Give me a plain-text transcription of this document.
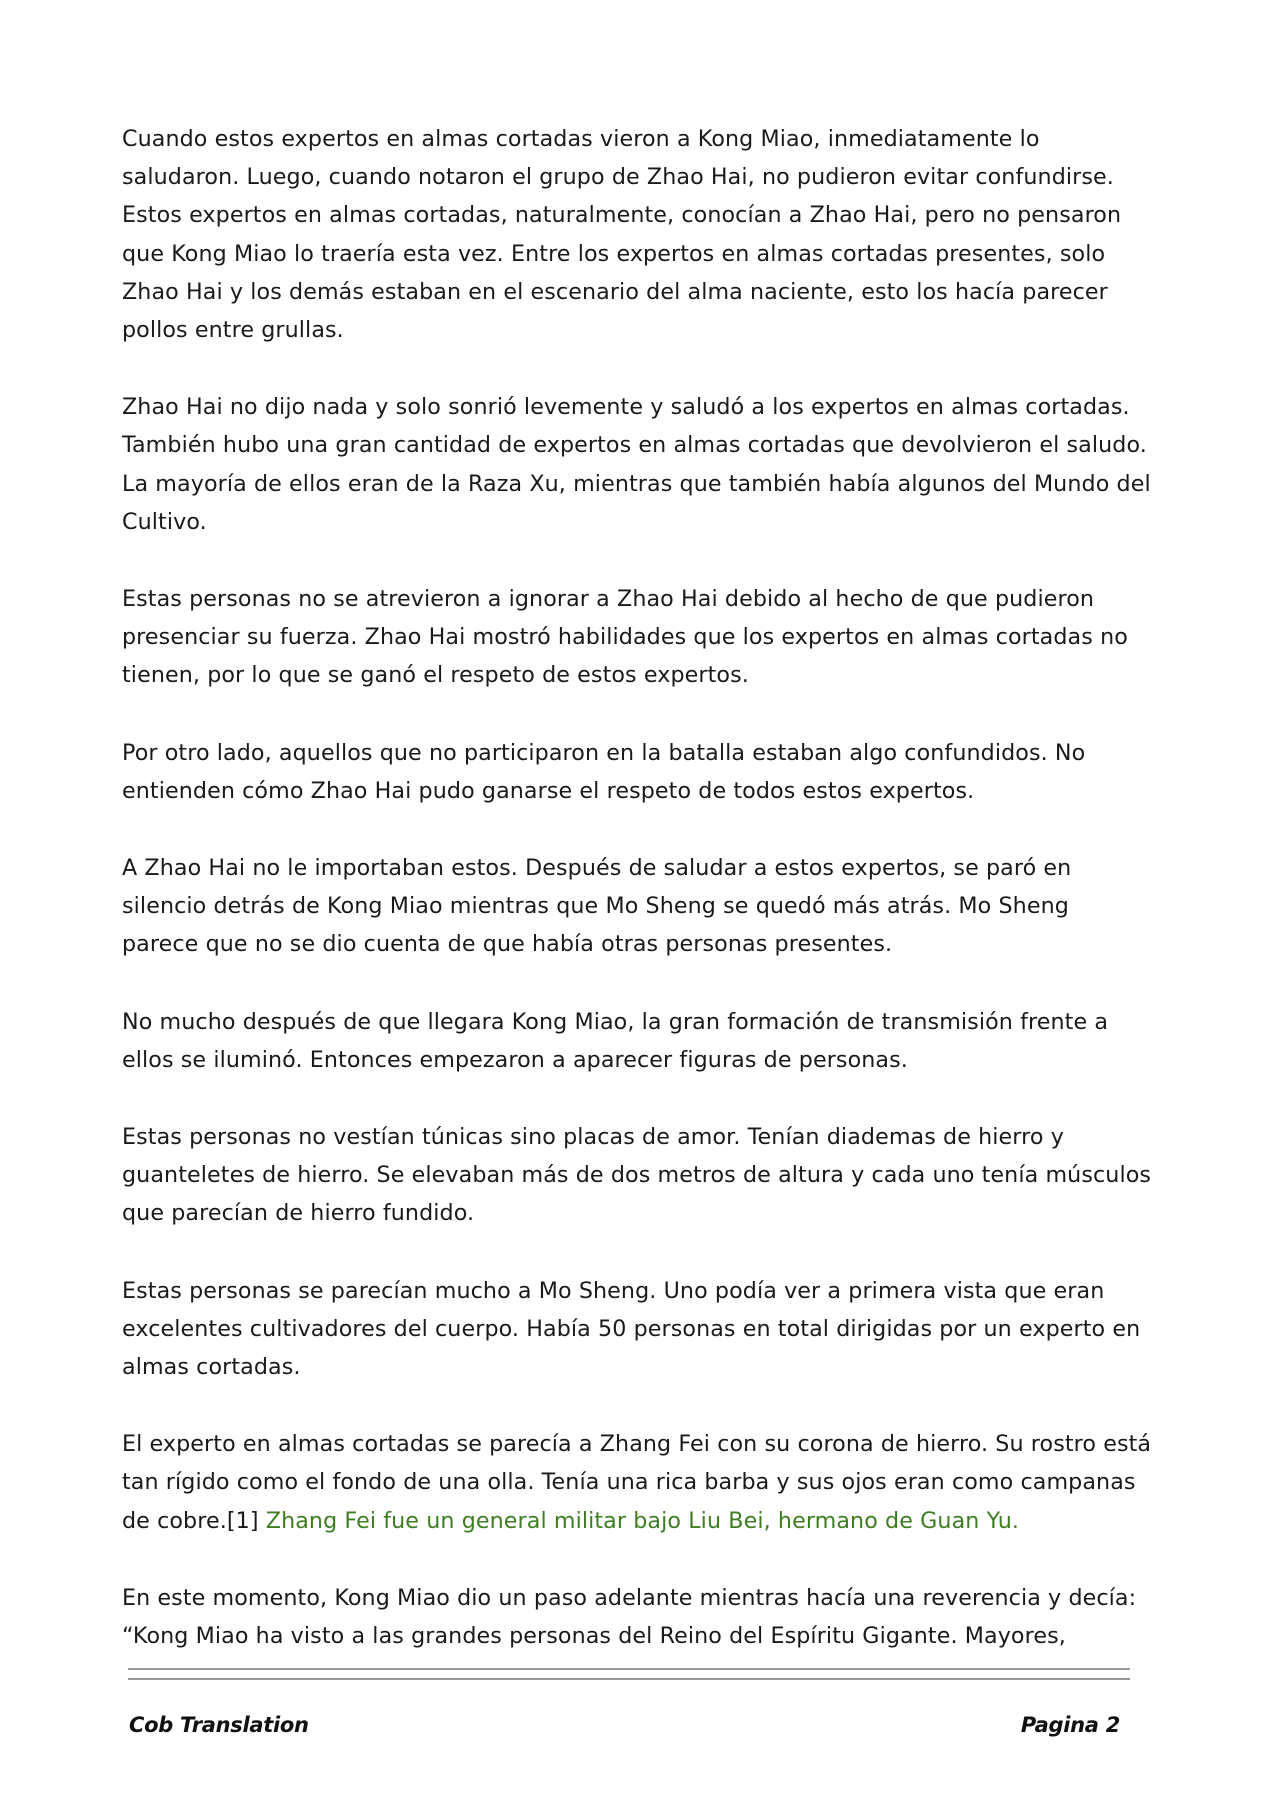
Cuando estos expertos en almas cortadas vieron a Kong Miao, inmediatamente lo saludaron. Luego, cuando notaron el grupo de Zhao Hai, no pudieron evitar confundirse. Estos expertos en almas cortadas, naturalmente, conocían a Zhao Hai, pero no pensaron que Kong Miao lo traería esta vez. Entre los expertos en almas cortadas presentes, solo Zhao Hai y los demás estaban en el escenario del alma naciente, esto los hacía parecer pollos entre grullas.

Zhao Hai no dijo nada y solo sonrió levemente y saludó a los expertos en almas cortadas. También hubo una gran cantidad de expertos en almas cortadas que devolvieron el saludo. La mayoría de ellos eran de la Raza Xu, mientras que también había algunos del Mundo del Cultivo.

Estas personas no se atrevieron a ignorar a Zhao Hai debido al hecho de que pudieron presenciar su fuerza. Zhao Hai mostró habilidades que los expertos en almas cortadas no tienen, por lo que se ganó el respeto de estos expertos.

Por otro lado, aquellos que no participaron en la batalla estaban algo confundidos. No entienden cómo Zhao Hai pudo ganarse el respeto de todos estos expertos.

A Zhao Hai no le importaban estos. Después de saludar a estos expertos, se paró en silencio detrás de Kong Miao mientras que Mo Sheng se quedó más atrás. Mo Sheng parece que no se dio cuenta de que había otras personas presentes.

No mucho después de que llegara Kong Miao, la gran formación de transmisión frente a ellos se iluminó. Entonces empezaron a aparecer figuras de personas.

Estas personas no vestían túnicas sino placas de amor. Tenían diademas de hierro y guanteletes de hierro. Se elevaban más de dos metros de altura y cada uno tenía músculos que parecían de hierro fundido.

Estas personas se parecían mucho a Mo Sheng. Uno podía ver a primera vista que eran excelentes cultivadores del cuerpo. Había 50 personas en total dirigidas por un experto en almas cortadas.

El experto en almas cortadas se parecía a Zhang Fei con su corona de hierro. Su rostro está tan rígido como el fondo de una olla. Tenía una rica barba y sus ojos eran como campanas de cobre.[1] Zhang Fei fue un general militar bajo Liu Bei, hermano de Guan Yu.

En este momento, Kong Miao dio un paso adelante mientras hacía una reverencia y decía: “Kong Miao ha visto a las grandes personas del Reino del Espíritu Gigante. Mayores,

Cob Translation	Pagina 2
